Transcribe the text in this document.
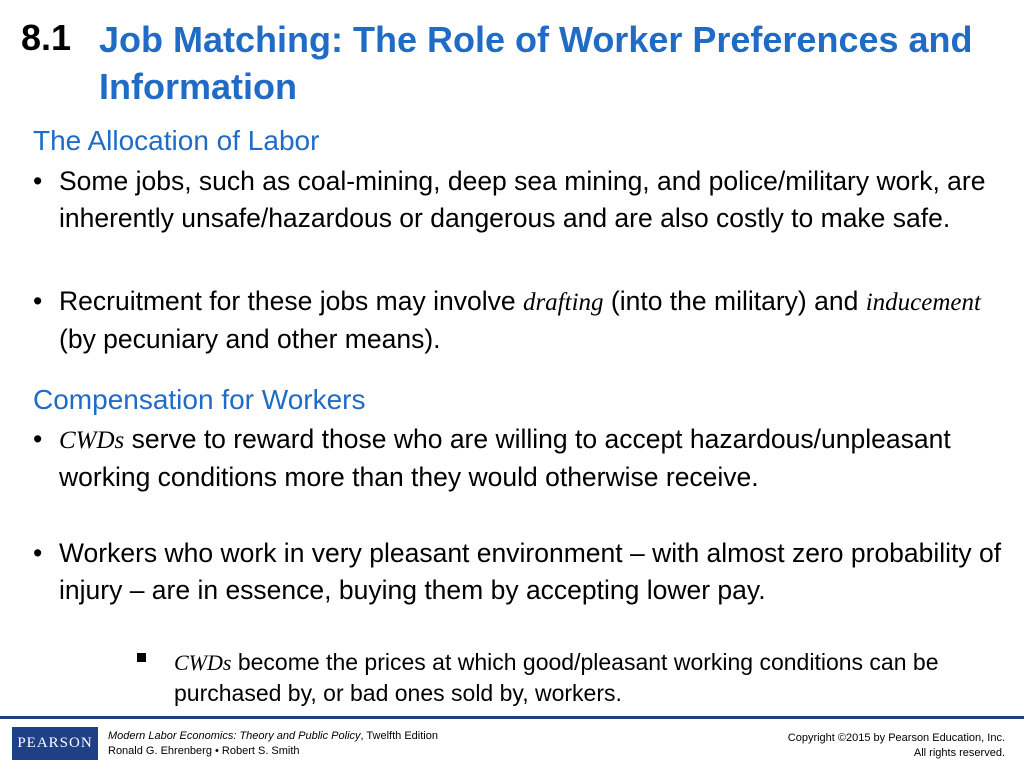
8.1 Job Matching: The Role of Worker Preferences and Information
The Allocation of Labor
• Some jobs, such as coal-mining, deep sea mining, and police/military work, are inherently unsafe/hazardous or dangerous and are also costly to make safe.
• Recruitment for these jobs may involve drafting (into the military) and inducement (by pecuniary and other means).
Compensation for Workers
• CWDs serve to reward those who are willing to accept hazardous/unpleasant working conditions more than they would otherwise receive.
• Workers who work in very pleasant environment – with almost zero probability of injury – are in essence, buying them by accepting lower pay.
CWDs become the prices at which good/pleasant working conditions can be purchased by, or bad ones sold by, workers.
PEARSON	Modern Labor Economics: Theory and Public Policy, Twelfth Edition
Ronald G. Ehrenberg • Robert S. Smith
Copyright ©2015 by Pearson Education, Inc.
All rights reserved.
